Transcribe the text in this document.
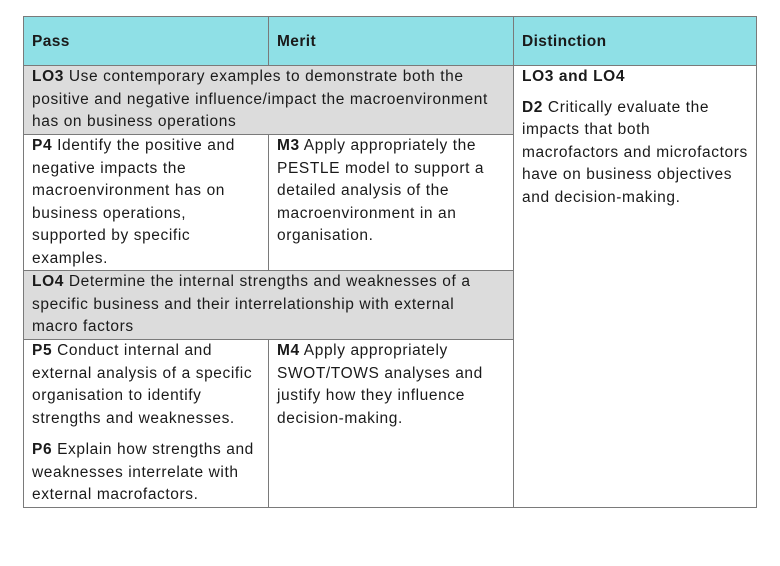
Pass	Merit	Distinction
LO3 Use contemporary examples to demonstrate both the positive and negative influence/impact the macroenvironment has on business operations		LO3 and LO4
D2 Critically evaluate the impacts that both macrofactors and microfactors have on business objectives and decision-making.

P4 Identify the positive and negative impacts the macroenvironment has on business operations, supported by specific examples.	M3 Apply appropriately the PESTLE model to support a detailed analysis of the macroenvironment in an organisation.	
LO4 Determine the internal strengths and weaknesses of a specific business and their interrelationship with external macro factors		

P5 Conduct internal and external analysis of a specific organisation to identify strengths and weaknesses.
P6 Explain how strengths and weaknesses interrelate with external macrofactors.	M4 Apply appropriately SWOT/TOWS analyses and justify how they influence decision-making.	
